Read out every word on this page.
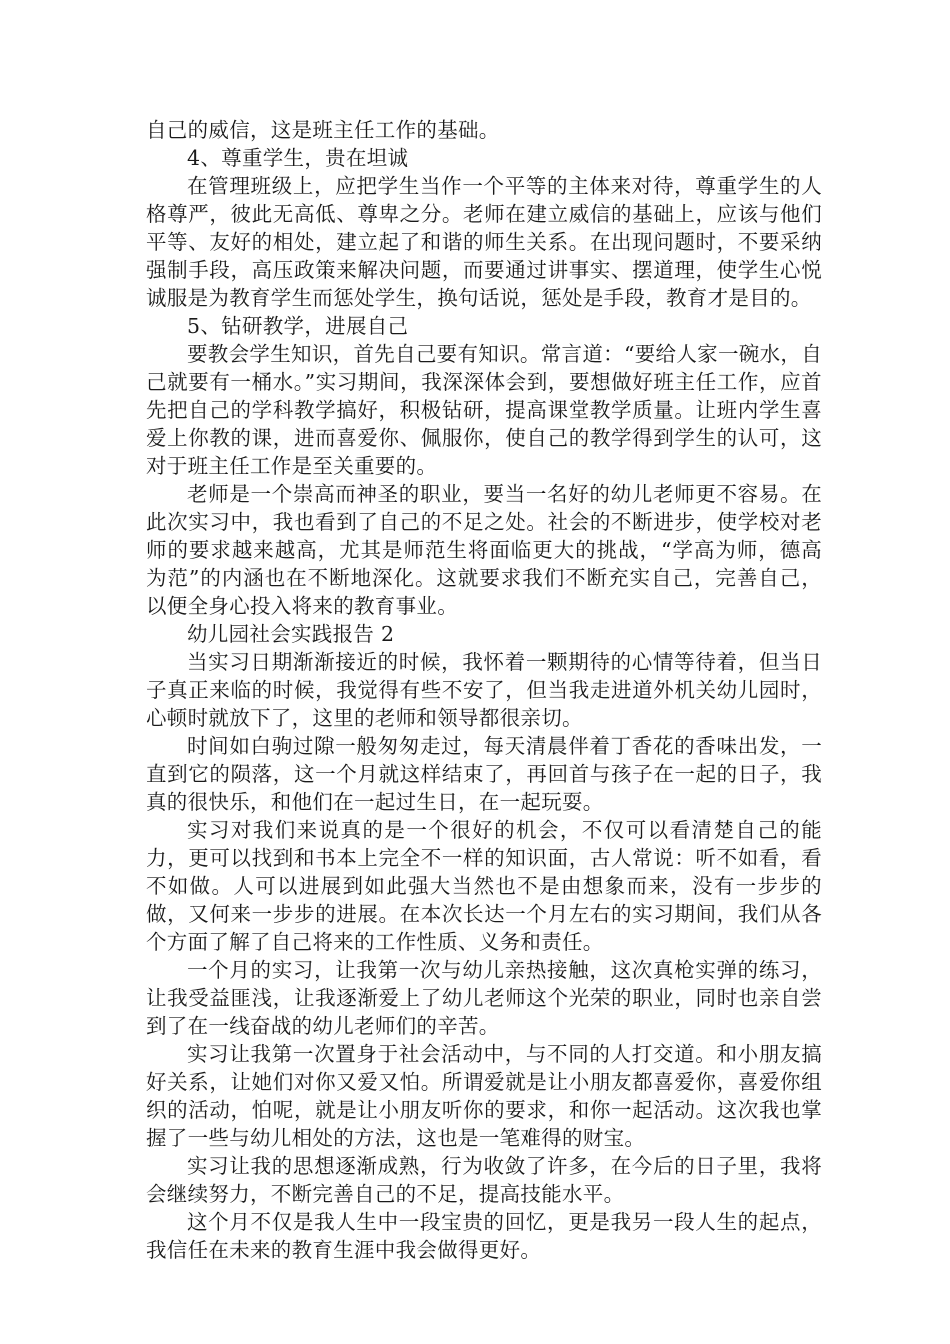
自己的威信，这是班主任工作的基础。

4、尊重学生，贵在坦诚

在管理班级上，应把学生当作一个平等的主体来对待，尊重学生的人格尊严，彼此无高低、尊卑之分。老师在建立威信的基础上，应该与他们平等、友好的相处，建立起了和谐的师生关系。在出现问题时，不要采纳强制手段，高压政策来解决问题，而要通过讲事实、摆道理，使学生心悦诚服是为教育学生而惩处学生，换句话说，惩处是手段，教育才是目的。

5、钻研教学，进展自己

要教会学生知识，首先自己要有知识。常言道：“要给人家一碗水，自己就要有一桶水。”实习期间，我深深体会到，要想做好班主任工作，应首先把自己的学科教学搞好，积极钻研，提高课堂教学质量。让班内学生喜爱上你教的课，进而喜爱你、佩服你，使自己的教学得到学生的认可，这对于班主任工作是至关重要的。

老师是一个崇高而神圣的职业，要当一名好的幼儿老师更不容易。在此次实习中，我也看到了自己的不足之处。社会的不断进步，使学校对老师的要求越来越高，尤其是师范生将面临更大的挑战，“学高为师，德高为范”的内涵也在不断地深化。这就要求我们不断充实自己，完善自己，以便全身心投入将来的教育事业。

幼儿园社会实践报告 2

当实习日期渐渐接近的时候，我怀着一颗期待的心情等待着，但当日子真正来临的时候，我觉得有些不安了，但当我走进道外机关幼儿园时，心顿时就放下了，这里的老师和领导都很亲切。

时间如白驹过隙一般匆匆走过，每天清晨伴着丁香花的香味出发，一直到它的陨落，这一个月就这样结束了，再回首与孩子在一起的日子，我真的很快乐，和他们在一起过生日，在一起玩耍。

实习对我们来说真的是一个很好的机会，不仅可以看清楚自己的能力，更可以找到和书本上完全不一样的知识面，古人常说：听不如看，看不如做。人可以进展到如此强大当然也不是由想象而来，没有一步步的做，又何来一步步的进展。在本次长达一个月左右的实习期间，我们从各个方面了解了自己将来的工作性质、义务和责任。

一个月的实习，让我第一次与幼儿亲热接触，这次真枪实弹的练习，让我受益匪浅，让我逐渐爱上了幼儿老师这个光荣的职业，同时也亲自尝到了在一线奋战的幼儿老师们的辛苦。

实习让我第一次置身于社会活动中，与不同的人打交道。和小朋友搞好关系，让她们对你又爱又怕。所谓爱就是让小朋友都喜爱你，喜爱你组织的活动，怕呢，就是让小朋友听你的要求，和你一起活动。这次我也掌握了一些与幼儿相处的方法，这也是一笔难得的财宝。

实习让我的思想逐渐成熟，行为收敛了许多，在今后的日子里，我将会继续努力，不断完善自己的不足，提高技能水平。

这个月不仅是我人生中一段宝贵的回忆，更是我另一段人生的起点，我信任在未来的教育生涯中我会做得更好。
